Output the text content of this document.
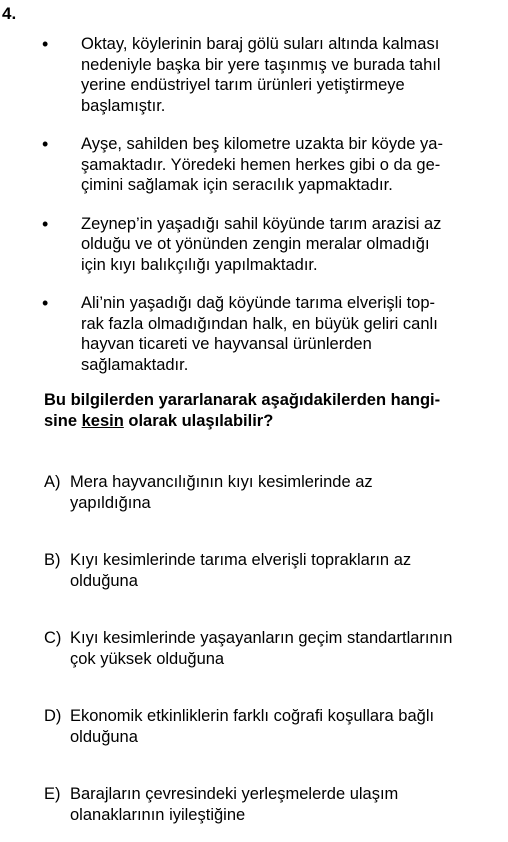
4.
• Oktay, köylerinin baraj gölü suları altında kalması
nedeniyle başka bir yere taşınmış ve burada tahıl
yerine endüstriyel tarım ürünleri yetiştirmeye
başlamıştır.
• Ayşe, sahilden beş kilometre uzakta bir köyde ya-
şamaktadır. Yöredeki hemen herkes gibi o da ge-
çimini sağlamak için seracılık yapmaktadır.
• Zeynep’in yaşadığı sahil köyünde tarım arazisi az
olduğu ve ot yönünden zengin meralar olmadığı
için kıyı balıkçılığı yapılmaktadır.
• Ali’nin yaşadığı dağ köyünde tarıma elverişli top-
rak fazla olmadığından halk, en büyük geliri canlı
hayvan ticareti ve hayvansal ürünlerden
sağlamaktadır.
Bu bilgilerden yararlanarak aşağıdakilerden hangi-
sine kesin olarak ulaşılabilir?
A) Mera hayvancılığının kıyı kesimlerinde az
yapıldığına
B) Kıyı kesimlerinde tarıma elverişli toprakların az
olduğuna
C) Kıyı kesimlerinde yaşayanların geçim standartlarının
çok yüksek olduğuna
D) Ekonomik etkinliklerin farklı coğrafi koşullara bağlı
olduğuna
E) Barajların çevresindeki yerleşmelerde ulaşım
olanaklarının iyileştiğine
